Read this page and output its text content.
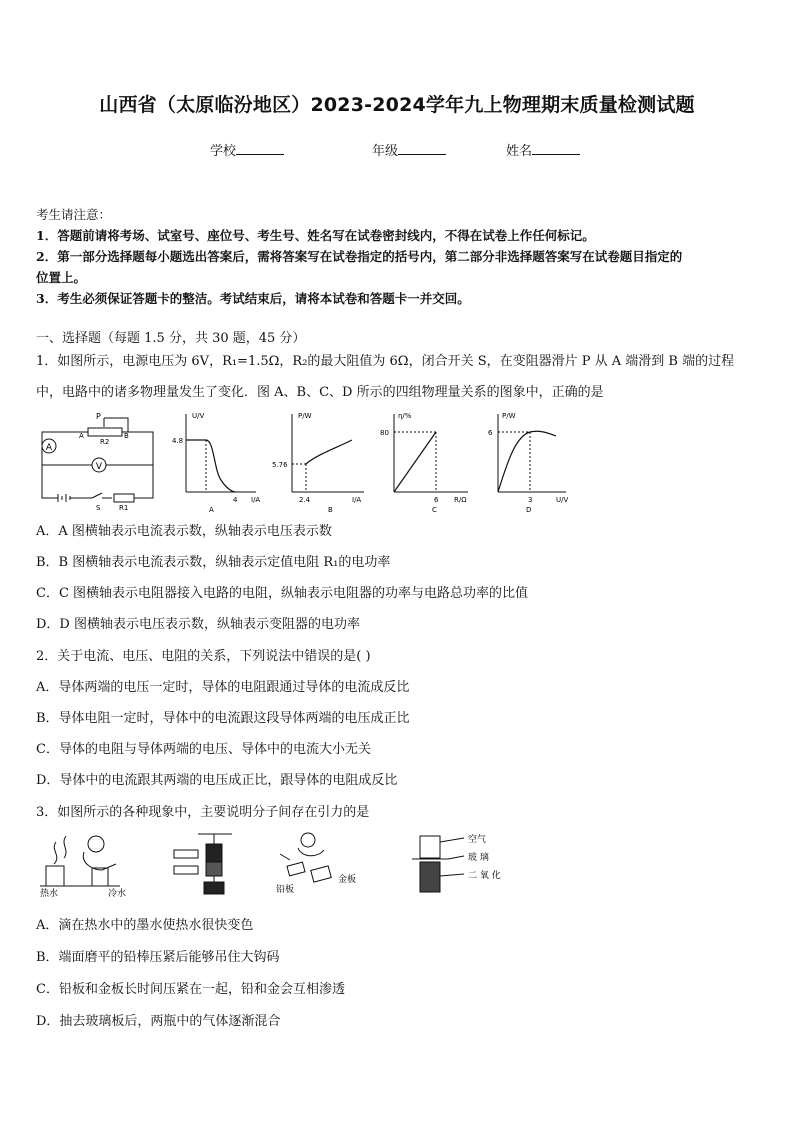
山西省（太原临汾地区）2023-2024学年九上物理期末质量检测试题
学校	年级	姓名
考生请注意：
1．答题前请将考场、试室号、座位号、考生号、姓名写在试卷密封线内，不得在试卷上作任何标记。
2．第一部分选择题每小题选出答案后，需将答案写在试卷指定的括号内，第二部分非选择题答案写在试卷题目指定的
位置上。
3．考生必须保证答题卡的整洁。考试结束后，请将本试卷和答题卡一并交回。
一、选择题（每题 1.5 分，共 30 题，45 分）
1．如图所示，电源电压为 6V，R₁=1.5Ω，R₂的最大阻值为 6Ω，闭合开关 S，在变阻器滑片 P 从 A 端滑到 B 端的过程
中，电路中的诸多物理量发生了变化．图 A、B、C、D 所示的四组物理量关系的图象中，正确的是
A
V
P
R2
A	B
S	R1
U/V
I/A
4.8
4
A
P/W
I/A
5.76
2.4
B
η/%
R/Ω
80
6
C
P/W
U/V
6
3
D
A．A 图横轴表示电流表示数，纵轴表示电压表示数
B．B 图横轴表示电流表示数，纵轴表示定值电阻 R₁的电功率
C．C 图横轴表示电阻器接入电路的电阻，纵轴表示电阻器的功率与电路总功率的比值
D．D 图横轴表示电压表示数，纵轴表示变阻器的电功率
2．关于电流、电压、电阻的关系，下列说法中错误的是( )
A．导体两端的电压一定时，导体的电阻跟通过导体的电流成反比
B．导体电阻一定时，导体中的电流跟这段导体两端的电压成正比
C．导体的电阻与导体两端的电压、导体中的电流大小无关
D．导体中的电流跟其两端的电压成正比，跟导体的电阻成反比
3．如图所示的各种现象中，主要说明分子间存在引力的是
热水	冷水	铅板
金板
空气
玻 璃
二 氧 化
A．滴在热水中的墨水使热水很快变色
B．端面磨平的铅棒压紧后能够吊住大钩码
C．铅板和金板长时间压紧在一起，铅和金会互相渗透
D．抽去玻璃板后，两瓶中的气体逐渐混合
